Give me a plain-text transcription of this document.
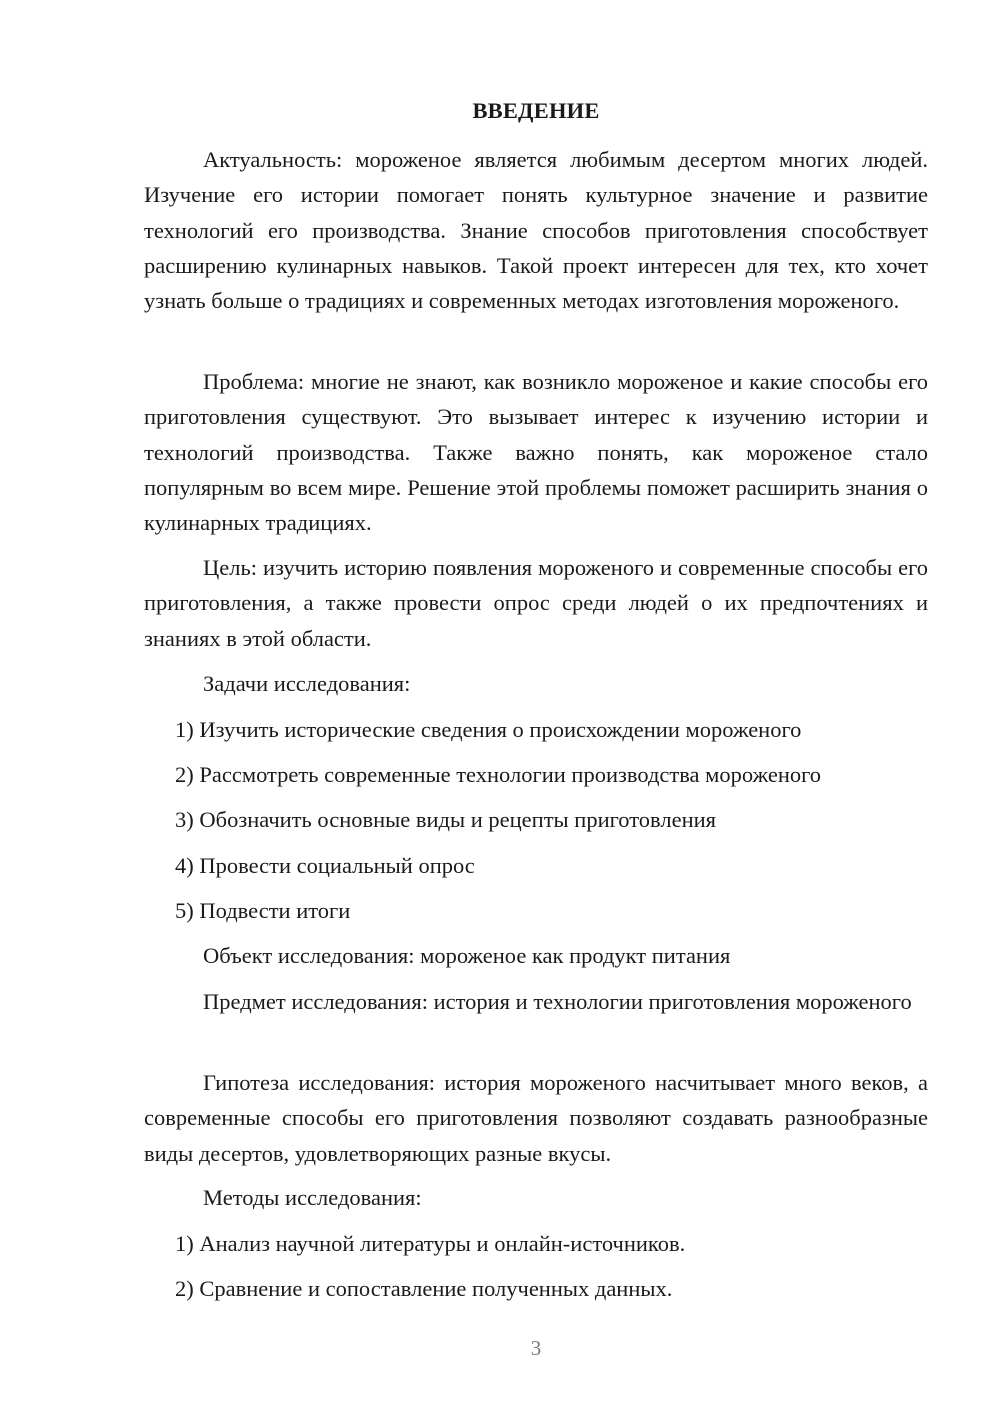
ВВЕДЕНИЕ

Актуальность: мороженое является любимым десертом многих людей. Изучение его истории помогает понять культурное значение и развитие технологий его производства. Знание способов приготовления способствует расширению кулинарных навыков. Такой проект интересен для тех, кто хочет узнать больше о традициях и современных методах изготовления мороженого.

Проблема: многие не знают, как возникло мороженое и какие способы его приготовления существуют. Это вызывает интерес к изучению истории и технологий производства. Также важно понять, как мороженое стало популярным во всем мире. Решение этой проблемы поможет расширить знания о кулинарных традициях.

Цель: изучить историю появления мороженого и современные способы его приготовления, а также провести опрос среди людей о их предпочтениях и знаниях в этой области.

Задачи исследования:

1) Изучить исторические сведения о происхождении мороженого

2) Рассмотреть современные технологии производства мороженого

3) Обозначить основные виды и рецепты приготовления

4) Провести социальный опрос

5) Подвести итоги

Объект исследования: мороженое как продукт питания

Предмет исследования: история и технологии приготовления мороженого

Гипотеза исследования: история мороженого насчитывает много веков, а современные способы его приготовления позволяют создавать разнообразные виды десертов, удовлетворяющих разные вкусы.

Методы исследования:

1) Анализ научной литературы и онлайн-источников.

2) Сравнение и сопоставление полученных данных.

3
